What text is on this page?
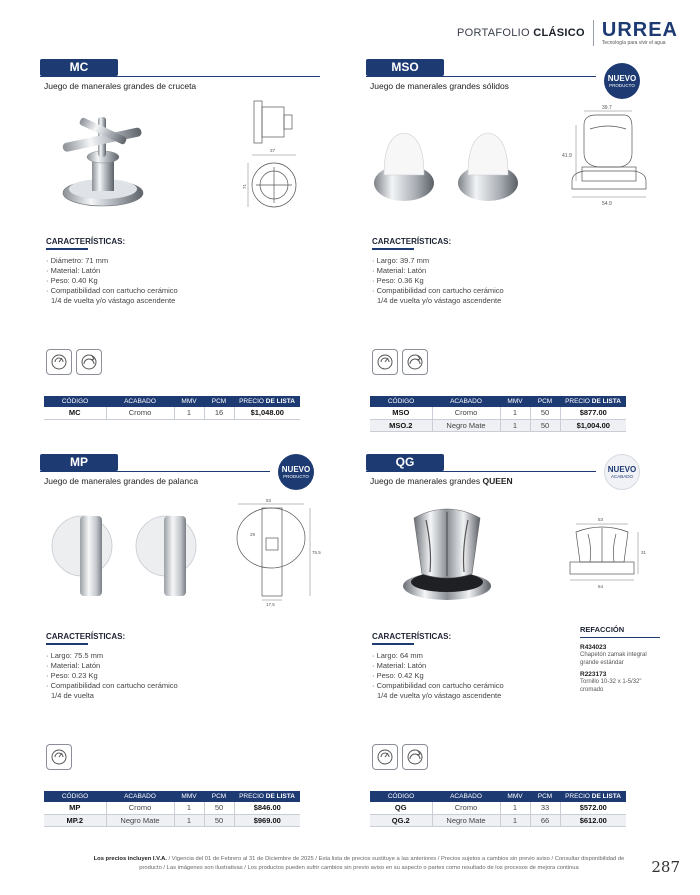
PORTAFOLIO CLÁSICO URREA
Tecnología para vivir el agua
MC
Juego de manerales grandes de cruceta
37
71
CARACTERÍSTICAS:
· Diámetro: 71 mm
· Material: Latón
· Peso: 0.40 Kg
· Compatibilidad con cartucho cerámico
1/4 de vuelta y/o vástago ascendente
CÓDIGO	ACABADO	MMV	PCM	PRECIO DE LISTA
MC	Cromo	1	16	$1,048.00
MSO
Juego de manerales grandes sólidos
NUEVO
PRODUCTO
39.7
41.9
54.9
CARACTERÍSTICAS:
· Largo: 39.7 mm
· Material: Latón
· Peso: 0.36 Kg
· Compatibilidad con cartucho cerámico
1/4 de vuelta y/o vástago ascendente
CÓDIGO	ACABADO	MMV	PCM	PRECIO DE LISTA
MSO	Cromo	1	50	$877.00
MSO.2	Negro Mate	1	50	$1,004.00
MP
Juego de manerales grandes de palanca
NUEVO
PRODUCTO
53
29
75.5
17.5
CARACTERÍSTICAS:
· Largo: 75.5 mm
· Material: Latón
· Peso: 0.23 Kg
· Compatibilidad con cartucho cerámico
1/4 de vuelta
CÓDIGO	ACABADO	MMV	PCM	PRECIO DE LISTA
MP	Cromo	1	50	$846.00
MP.2	Negro Mate	1	50	$969.00
QG
Juego de manerales grandes QUEEN
NUEVO
ACABADO
53
31
64
CARACTERÍSTICAS:
· Largo: 64 mm
· Material: Latón
· Peso: 0.42 Kg
· Compatibilidad con cartucho cerámico
1/4 de vuelta y/o vástago ascendente
CÓDIGO	ACABADO	MMV	PCM	PRECIO DE LISTA
QG	Cromo	1	33	$572.00
QG.2	Negro Mate	1	66	$612.00
REFACCIÓN
R434023
Chapetón zamak integral
grande estándar
R223173
Tornillo 10-32 x 1-5/32"
cromado
Los precios incluyen I.V.A. / Vigencia del 01 de Febrero al 31 de Diciembre de 2025 / Esta lista de precios sustituye a las anteriores / Precios sujetos a cambios sin previo aviso / Consultar disponibilidad de
producto / Las imágenes son ilustrativas / Los productos pueden sufrir cambios sin previo aviso en su aspecto o partes como resultado de los procesos de mejora continua	287
